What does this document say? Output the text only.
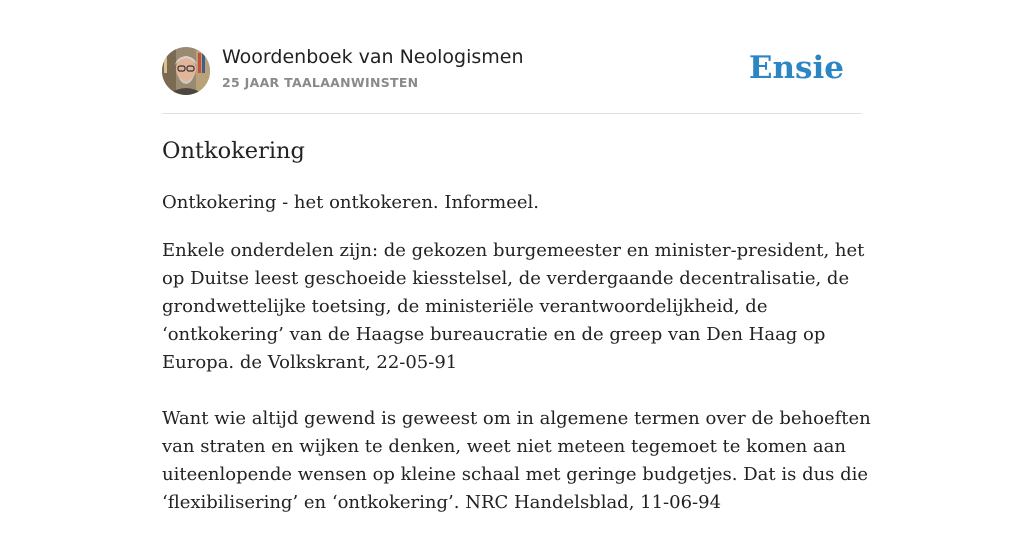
Woordenboek van Neologismen
25 JAAR TAALAANWINSTEN	Ensie
Ontkokering
Ontkokering - het ontkokeren. Informeel.

Enkele onderdelen zijn: de gekozen burgemeester en minister-president, het op Duitse leest geschoeide kiesstelsel, de verdergaande decentralisatie, de grondwettelijke toetsing, de ministeriële verantwoordelijkheid, de ‘ontkokering’ van de Haagse bureaucratie en de greep van Den Haag op Europa. de Volkskrant, 22-05-91

Want wie altijd gewend is geweest om in algemene termen over de behoeften van straten en wijken te denken, weet niet meteen tegemoet te komen aan uiteenlopende wensen op kleine schaal met geringe budgetjes. Dat is dus die ‘flexibilisering’ en ‘ontkokering’. NRC Handelsblad, 11-06-94
